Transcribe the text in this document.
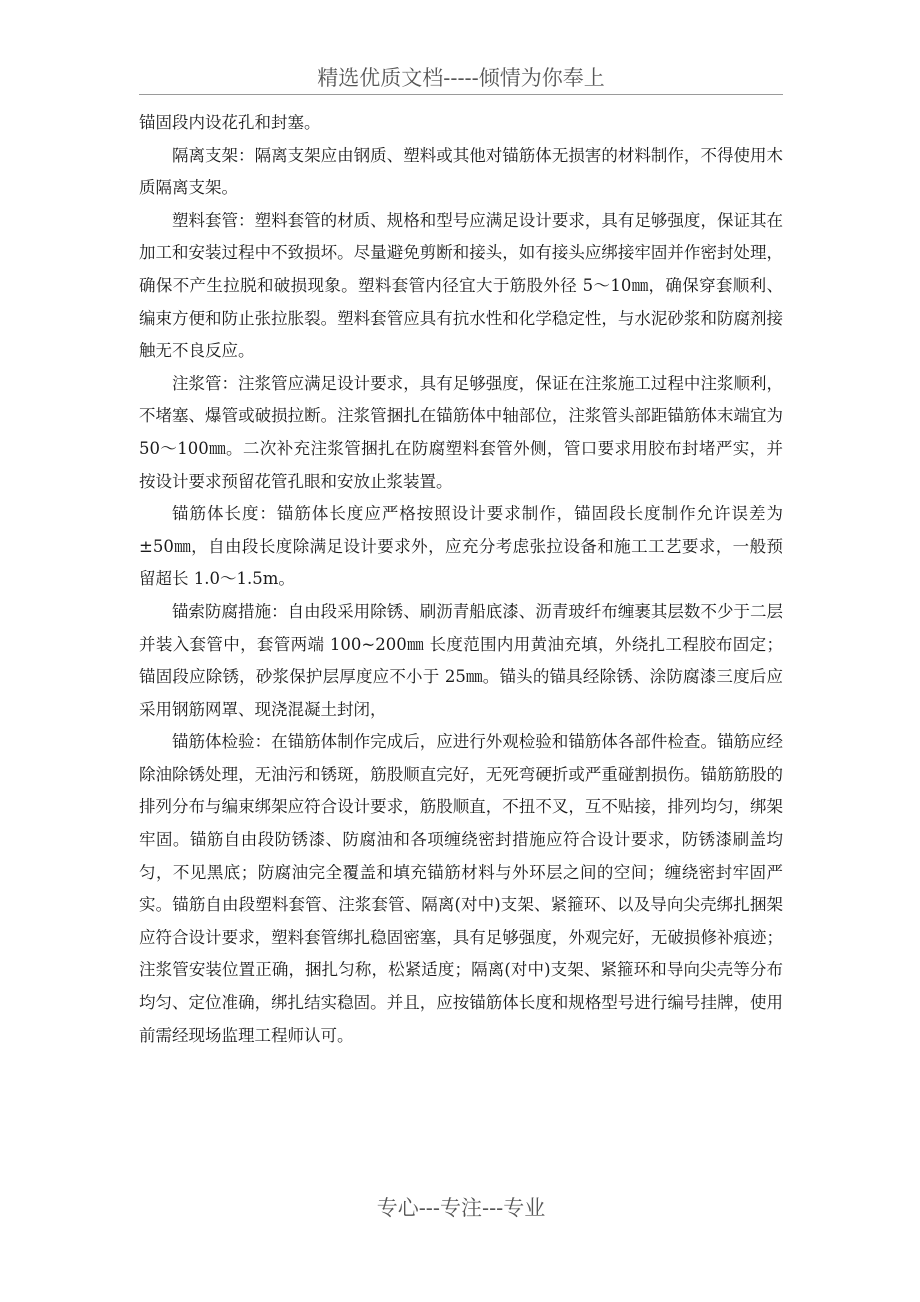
精选优质文档-----倾情为你奉上

锚固段内设花孔和封塞。

隔离支架：隔离支架应由钢质、塑料或其他对锚筋体无损害的材料制作，不得使用木质隔离支架。

塑料套管：塑料套管的材质、规格和型号应满足设计要求，具有足够强度，保证其在加工和安装过程中不致损坏。尽量避免剪断和接头，如有接头应绑接牢固并作密封处理，确保不产生拉脱和破损现象。塑料套管内径宜大于筋股外径 5～10㎜，确保穿套顺利、编束方便和防止张拉胀裂。塑料套管应具有抗水性和化学稳定性，与水泥砂浆和防腐剂接触无不良反应。

注浆管：注浆管应满足设计要求，具有足够强度，保证在注浆施工过程中注浆顺利，不堵塞、爆管或破损拉断。注浆管捆扎在锚筋体中轴部位，注浆管头部距锚筋体末端宜为 50～100㎜。二次补充注浆管捆扎在防腐塑料套管外侧，管口要求用胶布封堵严实，并按设计要求预留花管孔眼和安放止浆装置。

锚筋体长度：锚筋体长度应严格按照设计要求制作，锚固段长度制作允许误差为±50㎜，自由段长度除满足设计要求外，应充分考虑张拉设备和施工工艺要求，一般预留超长 1.0～1.5m。

锚索防腐措施：自由段采用除锈、刷沥青船底漆、沥青玻纤布缠裹其层数不少于二层并装入套管中，套管两端 100~200㎜ 长度范围内用黄油充填，外绕扎工程胶布固定；锚固段应除锈，砂浆保护层厚度应不小于 25㎜。锚头的锚具经除锈、涂防腐漆三度后应采用钢筋网罩、现浇混凝土封闭，

锚筋体检验：在锚筋体制作完成后，应进行外观检验和锚筋体各部件检查。锚筋应经除油除锈处理，无油污和锈斑，筋股顺直完好，无死弯硬折或严重碰割损伤。锚筋筋股的排列分布与编束绑架应符合设计要求，筋股顺直，不扭不叉，互不贴接，排列均匀，绑架牢固。锚筋自由段防锈漆、防腐油和各项缠绕密封措施应符合设计要求，防锈漆刷盖均匀，不见黑底；防腐油完全覆盖和填充锚筋材料与外环层之间的空间；缠绕密封牢固严实。锚筋自由段塑料套管、注浆套管、隔离(对中)支架、紧箍环、以及导向尖壳绑扎捆架应符合设计要求，塑料套管绑扎稳固密塞，具有足够强度，外观完好，无破损修补痕迹；注浆管安装位置正确，捆扎匀称，松紧适度；隔离(对中)支架、紧箍环和导向尖壳等分布均匀、定位准确，绑扎结实稳固。并且，应按锚筋体长度和规格型号进行编号挂牌，使用前需经现场监理工程师认可。

专心---专注---专业
